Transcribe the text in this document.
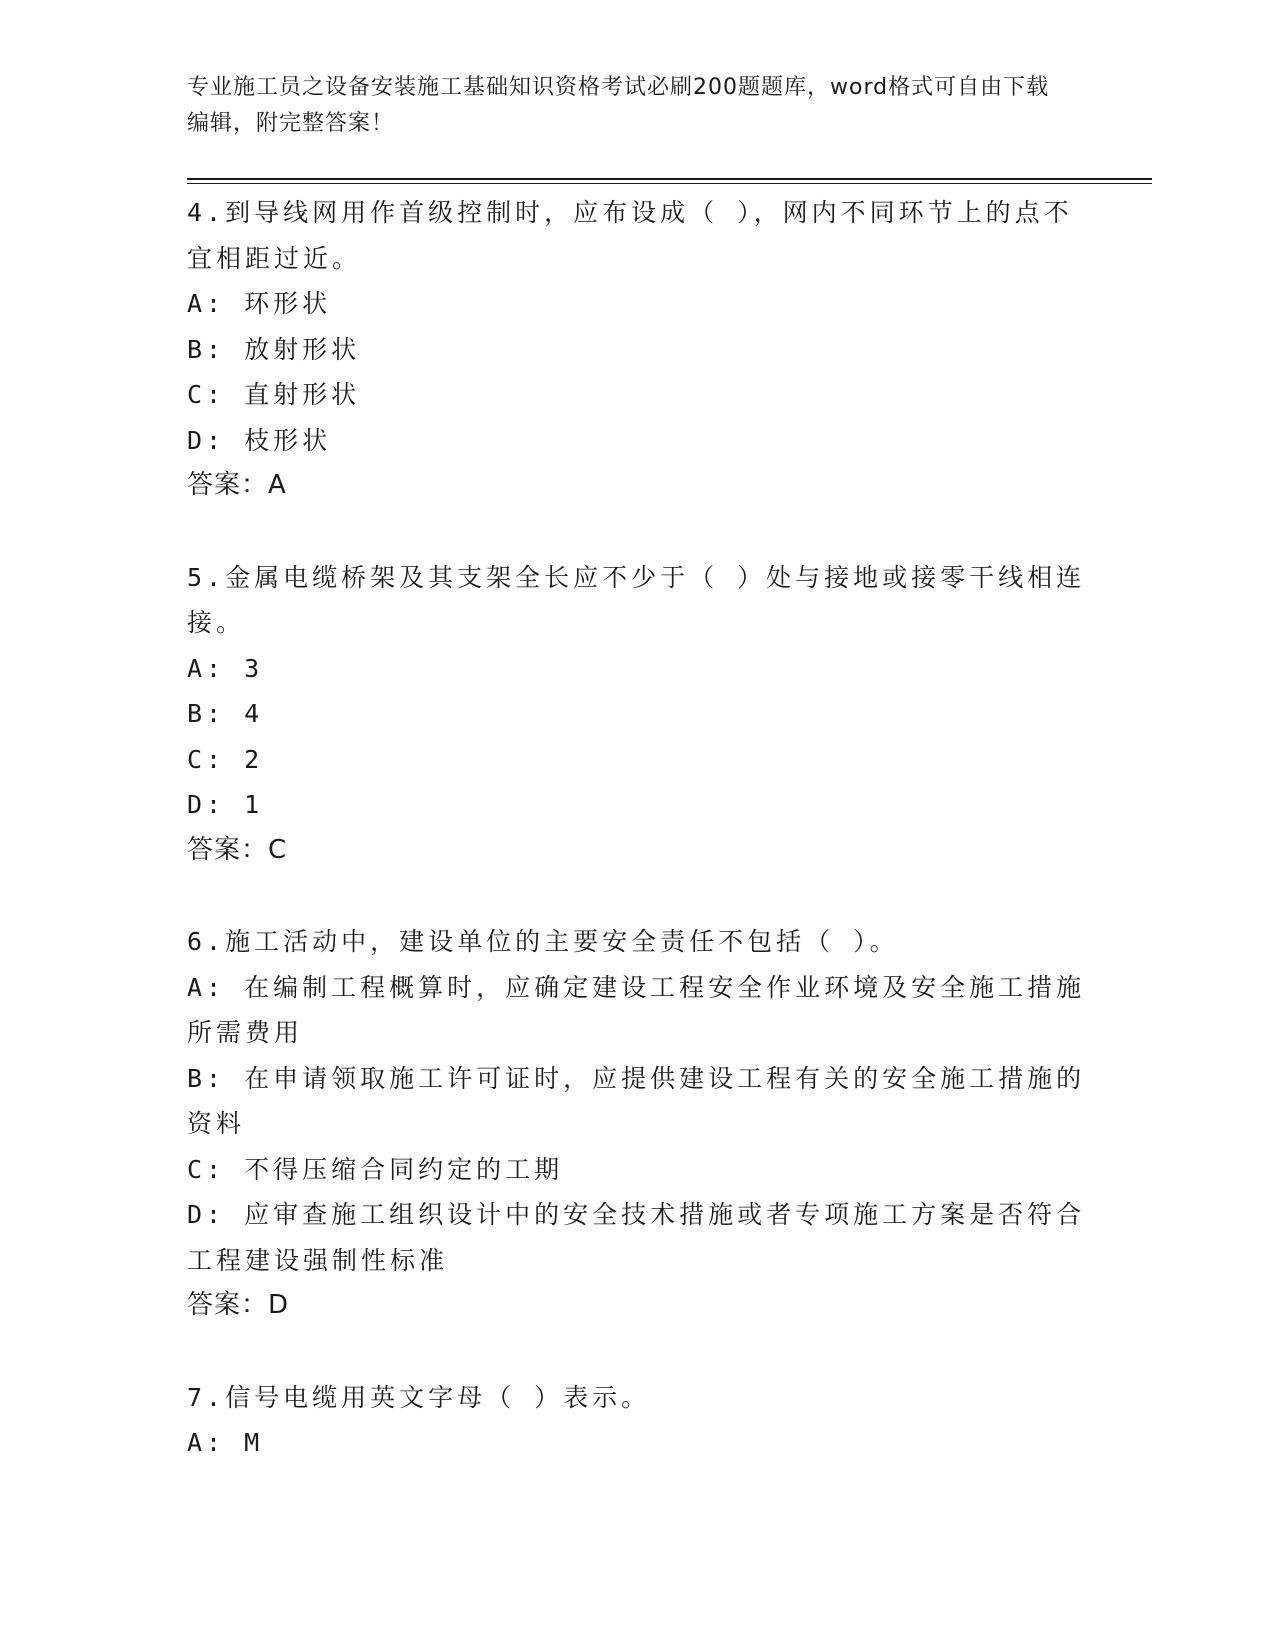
专业施工员之设备安装施工基础知识资格考试必刷200题题库，word格式可自由下载编辑，附完整答案！

4.到导线网用作首级控制时，应布设成（ ），网内不同环节上的点不宜相距过近。

A: 环形状

B: 放射形状

C: 直射形状

D: 枝形状

答案：A

5.金属电缆桥架及其支架全长应不少于（ ）处与接地或接零干线相连接。

A: 3

B: 4

C: 2

D: 1

答案：C

6.施工活动中，建设单位的主要安全责任不包括（ ）。

A: 在编制工程概算时，应确定建设工程安全作业环境及安全施工措施所需费用

B: 在申请领取施工许可证时，应提供建设工程有关的安全施工措施的资料

C: 不得压缩合同约定的工期

D: 应审查施工组织设计中的安全技术措施或者专项施工方案是否符合工程建设强制性标准

答案：D

7.信号电缆用英文字母（ ）表示。

A: M
